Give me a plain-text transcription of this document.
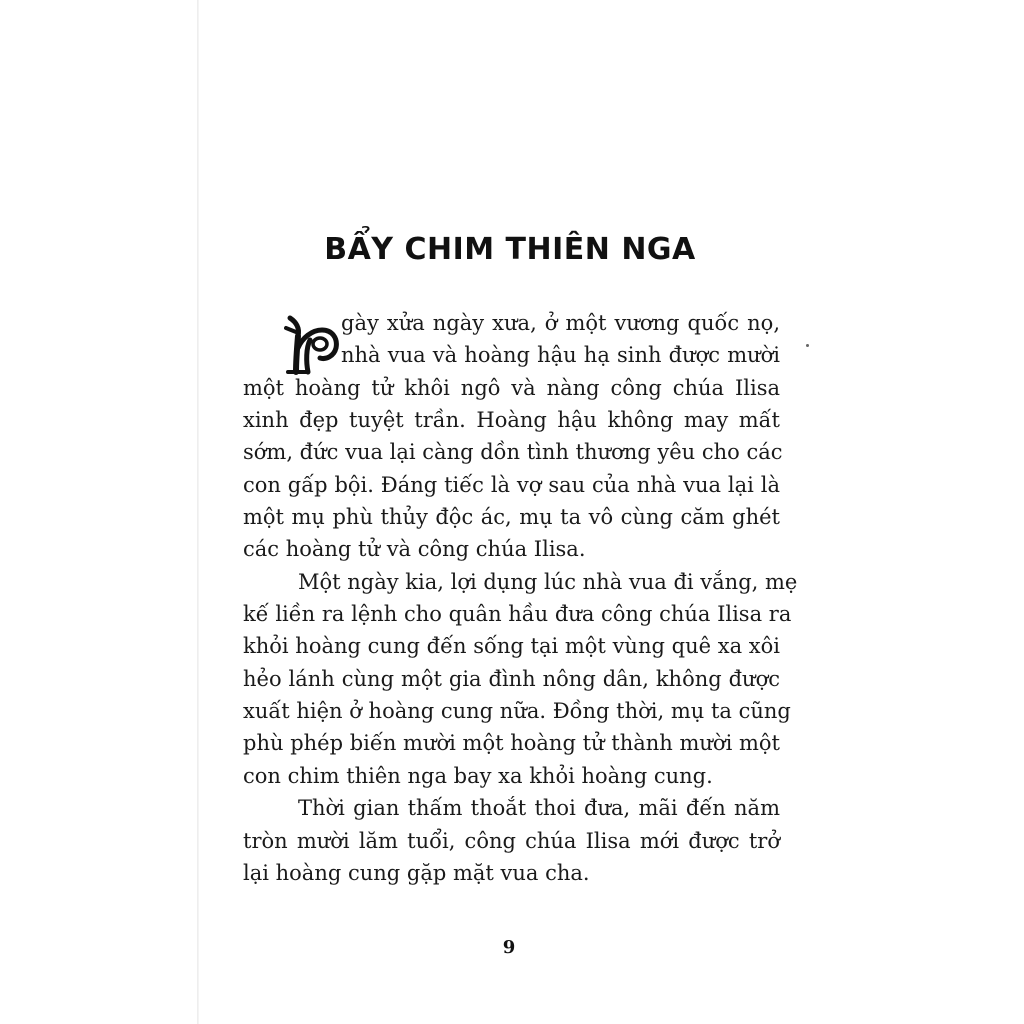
BẨY CHIM THIÊN NGA
gày xửa ngày xưa, ở một vương quốc nọ,
nhà vua và hoàng hậu hạ sinh được mười
một hoàng tử khôi ngô và nàng công chúa Ilisa
xinh đẹp tuyệt trần. Hoàng hậu không may mất
sớm, đức vua lại càng dồn tình thương yêu cho các
con gấp bội. Đáng tiếc là vợ sau của nhà vua lại là
một mụ phù thủy độc ác, mụ ta vô cùng căm ghét
các hoàng tử và công chúa Ilisa.
Một ngày kia, lợi dụng lúc nhà vua đi vắng, mẹ
kế liền ra lệnh cho quân hầu đưa công chúa Ilisa ra
khỏi hoàng cung đến sống tại một vùng quê xa xôi
hẻo lánh cùng một gia đình nông dân, không được
xuất hiện ở hoàng cung nữa. Đồng thời, mụ ta cũng
phù phép biến mười một hoàng tử thành mười một
con chim thiên nga bay xa khỏi hoàng cung.
Thời gian thấm thoắt thoi đưa, mãi đến năm
tròn mười lăm tuổi, công chúa Ilisa mới được trở
lại hoàng cung gặp mặt vua cha.
9
